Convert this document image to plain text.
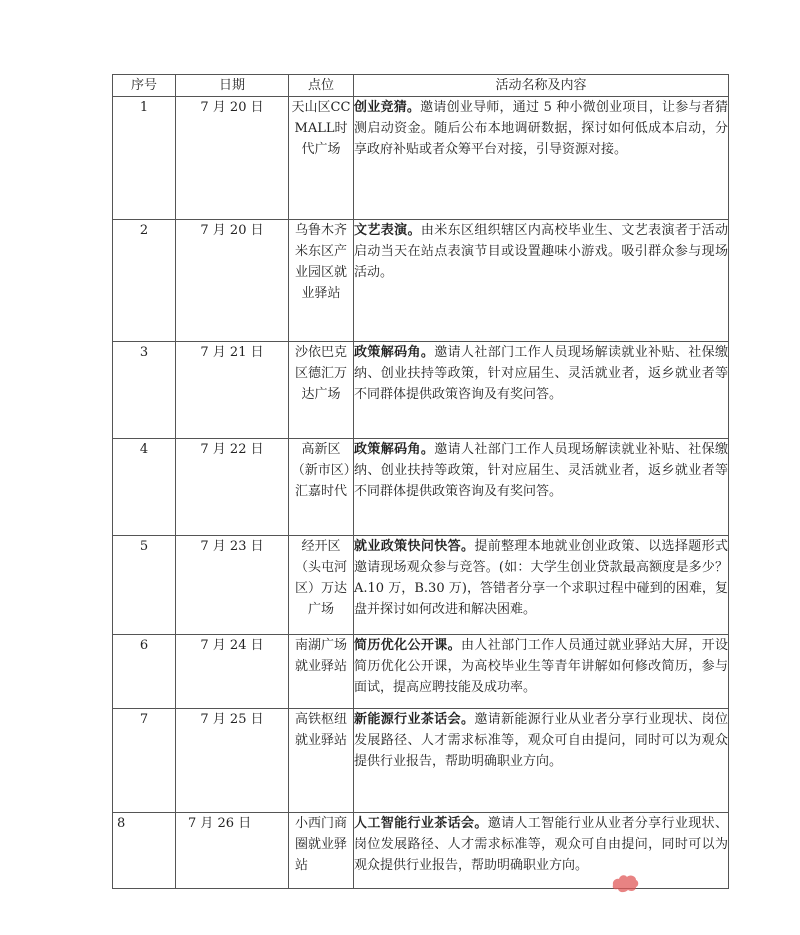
序号	日期	点位	活动名称及内容
1	7 月 20 日	天山区CCMALL时代广场	创业竞猜。邀请创业导师，通过 5 种小微创业项目，让参与者猜测启动资金。随后公布本地调研数据，探讨如何低成本启动，分享政府补贴或者众筹平台对接，引导资源对接。
2	7 月 20 日	乌鲁木齐米东区产业园区就业驿站	文艺表演。由米东区组织辖区内高校毕业生、文艺表演者于活动启动当天在站点表演节目或设置趣味小游戏。吸引群众参与现场活动。
3	7 月 21 日	沙依巴克区德汇万达广场	政策解码角。邀请人社部门工作人员现场解读就业补贴、社保缴纳、创业扶持等政策，针对应届生、灵活就业者，返乡就业者等不同群体提供政策咨询及有奖问答。
4	7 月 22 日	高新区（新市区）汇嘉时代	政策解码角。邀请人社部门工作人员现场解读就业补贴、社保缴纳、创业扶持等政策，针对应届生、灵活就业者，返乡就业者等不同群体提供政策咨询及有奖问答。
5	7 月 23 日	经开区（头屯河区）万达广场	就业政策快问快答。提前整理本地就业创业政策、以选择题形式邀请现场观众参与竞答。(如：大学生创业贷款最高额度是多少？A.10 万，B.30 万)，答错者分享一个求职过程中碰到的困难，复盘并探讨如何改进和解决困难。
6	7 月 24 日	南湖广场就业驿站	简历优化公开课。由人社部门工作人员通过就业驿站大屏，开设简历优化公开课，为高校毕业生等青年讲解如何修改简历，参与面试，提高应聘技能及成功率。
7	7 月 25 日	高铁枢纽就业驿站	新能源行业茶话会。邀请新能源行业从业者分享行业现状、岗位发展路径、人才需求标准等，观众可自由提问，同时可以为观众提供行业报告，帮助明确职业方向。
8	7 月 26 日	小西门商圈就业驿站	人工智能行业茶话会。邀请人工智能行业从业者分享行业现状、岗位发展路径、人才需求标准等，观众可自由提问，同时可以为观众提供行业报告，帮助明确职业方向。
